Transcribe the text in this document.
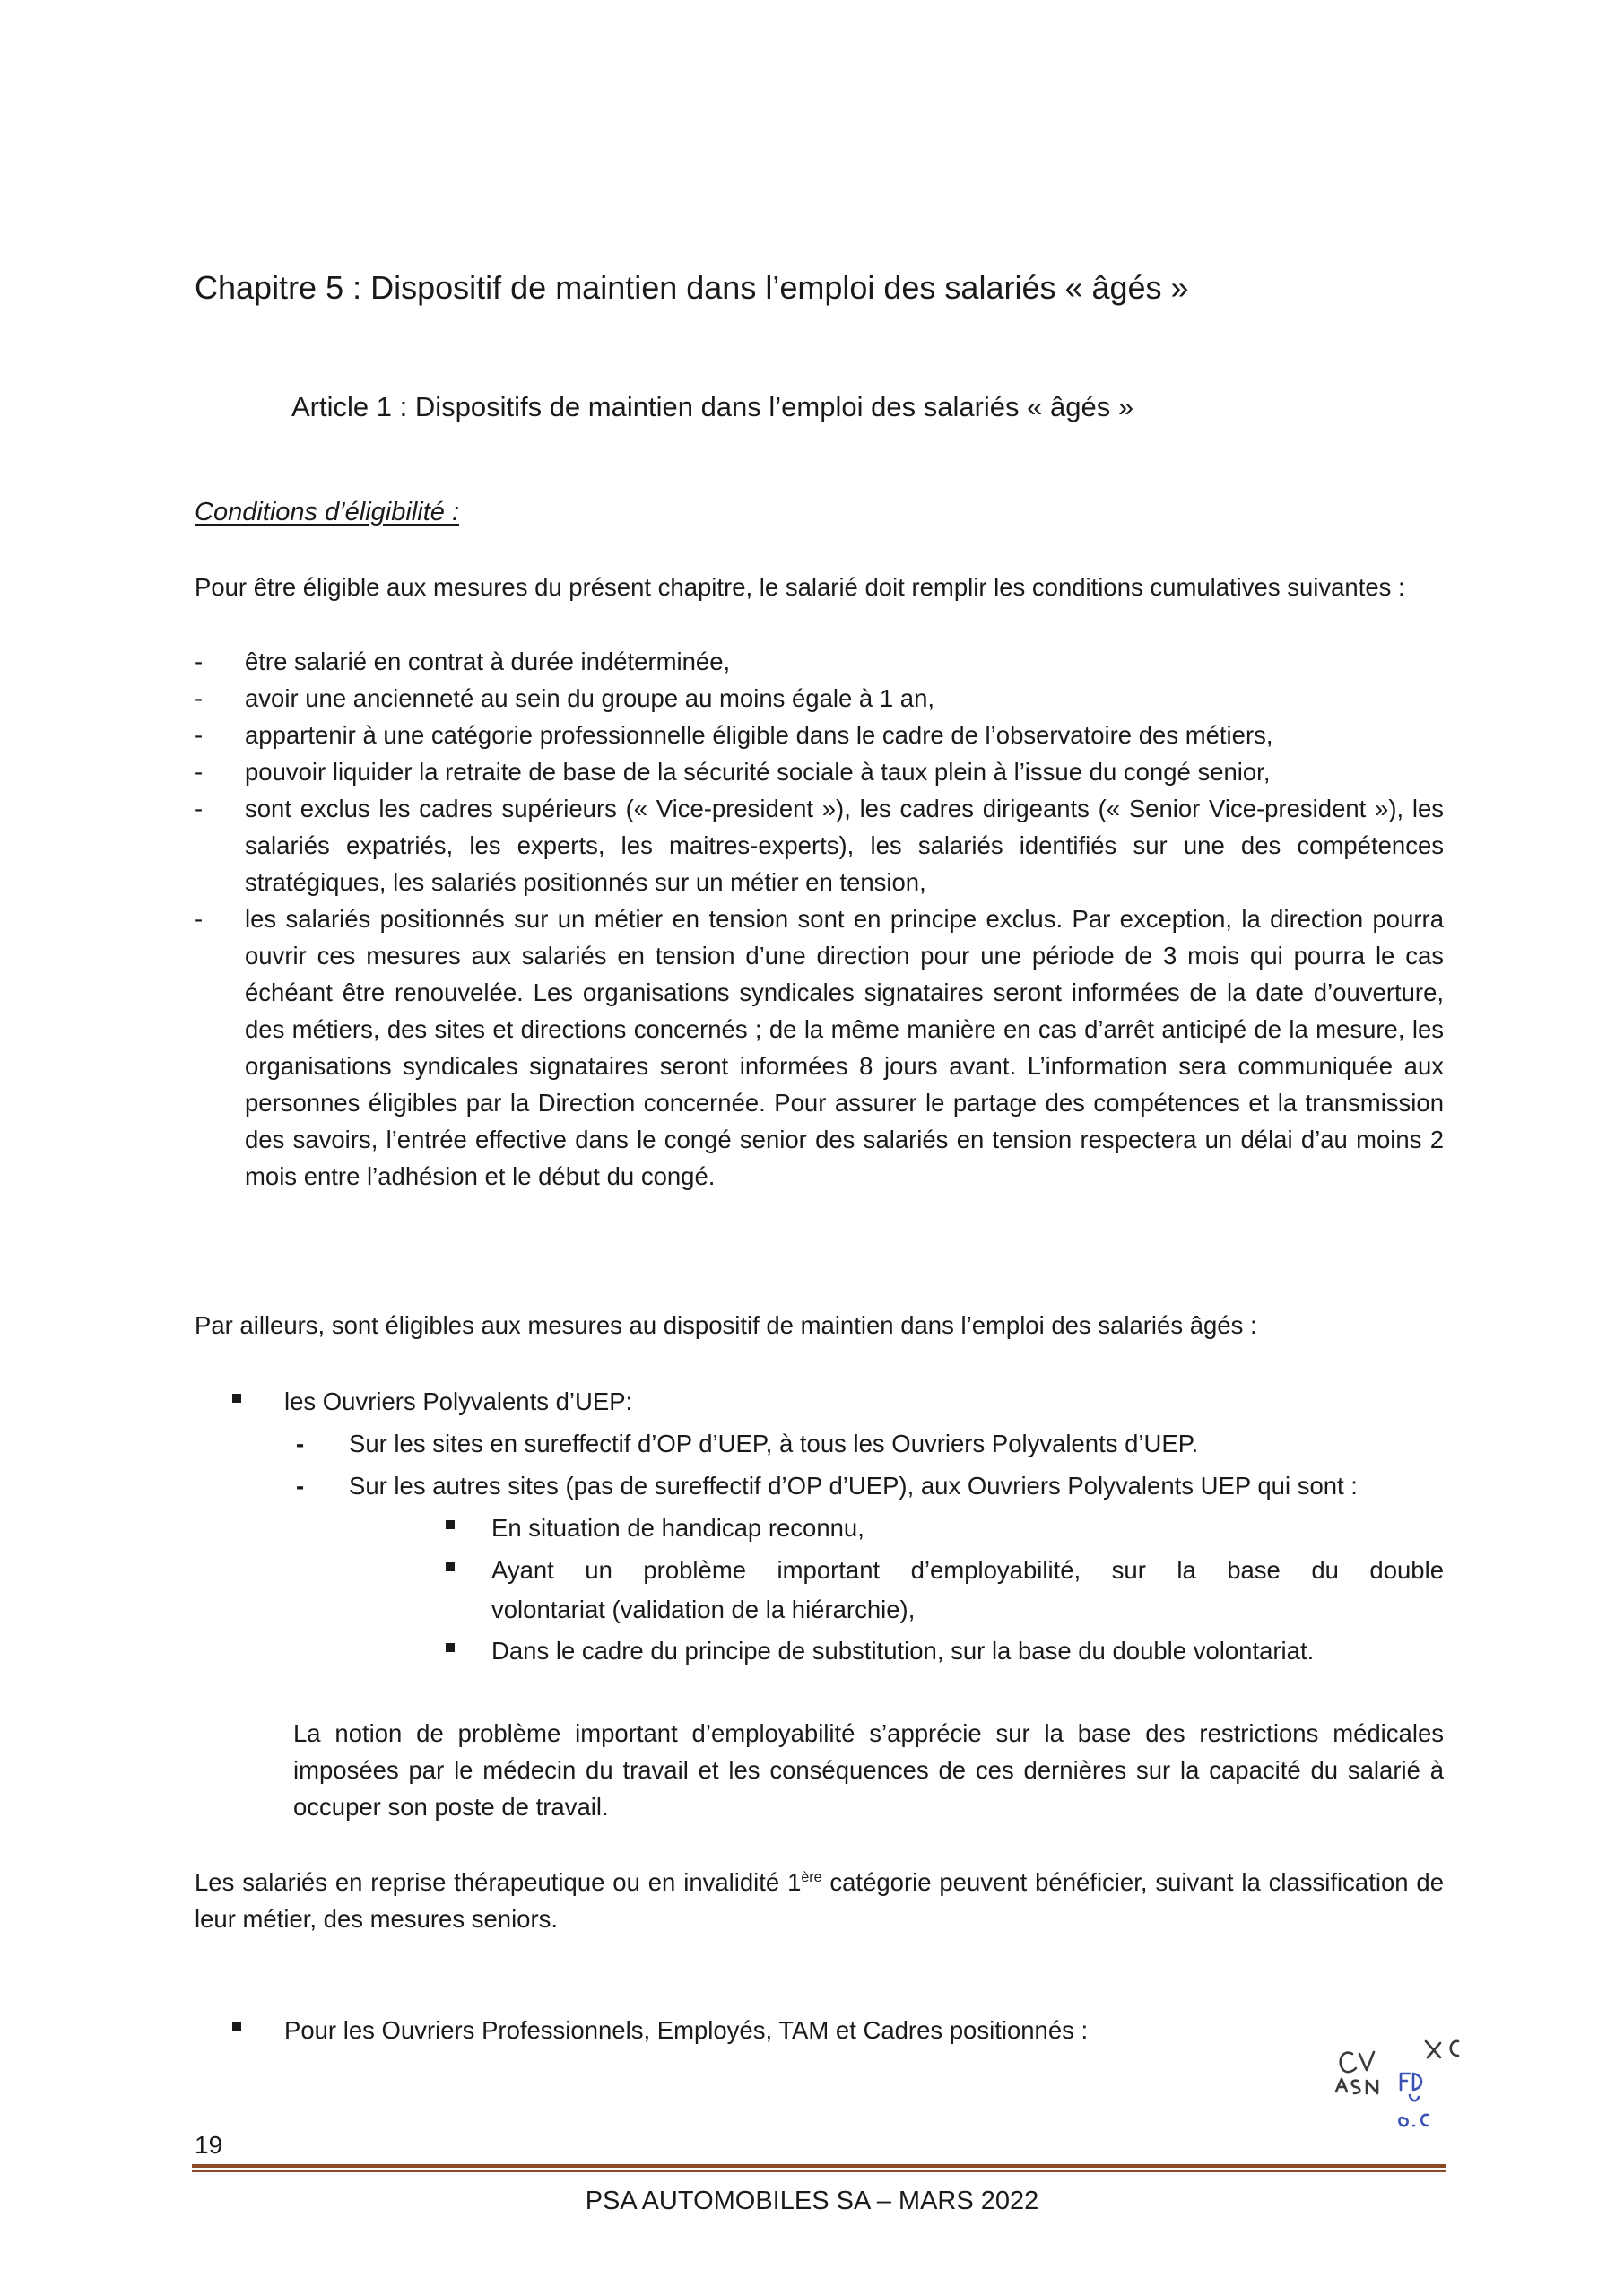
Chapitre 5 : Dispositif de maintien dans l’emploi des salariés « âgés »
Article 1 : Dispositifs de maintien dans l’emploi des salariés « âgés »
Conditions d’éligibilité :
Pour être éligible aux mesures du présent chapitre, le salarié doit remplir les conditions cumulatives suivantes :
- être salarié en contrat à durée indéterminée,
- avoir une ancienneté au sein du groupe au moins égale à 1 an,
- appartenir à une catégorie professionnelle éligible dans le cadre de l’observatoire des métiers,
- pouvoir liquider la retraite de base de la sécurité sociale à taux plein à l’issue du congé senior,
- sont exclus les cadres supérieurs (« Vice-president »), les cadres dirigeants (« Senior Vice-president »), les salariés expatriés, les experts, les maitres-experts), les salariés identifiés sur une des compétences stratégiques, les salariés positionnés sur un métier en tension,
- les salariés positionnés sur un métier en tension sont en principe exclus. Par exception, la direction pourra ouvrir ces mesures aux salariés en tension d’une direction pour une période de 3 mois qui pourra le cas échéant être renouvelée. Les organisations syndicales signataires seront informées de la date d’ouverture, des métiers, des sites et directions concernés ; de la même manière en cas d’arrêt anticipé de la mesure, les organisations syndicales signataires seront informées 8 jours avant. L’information sera communiquée aux personnes éligibles par la Direction concernée. Pour assurer le partage des compétences et la transmission des savoirs, l’entrée effective dans le congé senior des salariés en tension respectera un délai d’au moins 2 mois entre l’adhésion et le début du congé.
Par ailleurs, sont éligibles aux mesures au dispositif de maintien dans l’emploi des salariés âgés :
les Ouvriers Polyvalents d’UEP:
- Sur les sites en sureffectif d’OP d’UEP, à tous les Ouvriers Polyvalents d’UEP.
- Sur les autres sites (pas de sureffectif d’OP d’UEP), aux Ouvriers Polyvalents UEP qui sont :
En situation de handicap reconnu,
Ayant un problème important d’employabilité, sur la base du double
volontariat (validation de la hiérarchie),
Dans le cadre du principe de substitution, sur la base du double volontariat.
La notion de problème important d’employabilité s’apprécie sur la base des restrictions médicales imposées par le médecin du travail et les conséquences de ces dernières sur la capacité du salarié à occuper son poste de travail.
Les salariés en reprise thérapeutique ou en invalidité 1ère catégorie peuvent bénéficier, suivant la classification de leur métier, des mesures seniors.
Pour les Ouvriers Professionnels, Employés, TAM et Cadres positionnés :
19
PSA AUTOMOBILES SA – MARS 2022
